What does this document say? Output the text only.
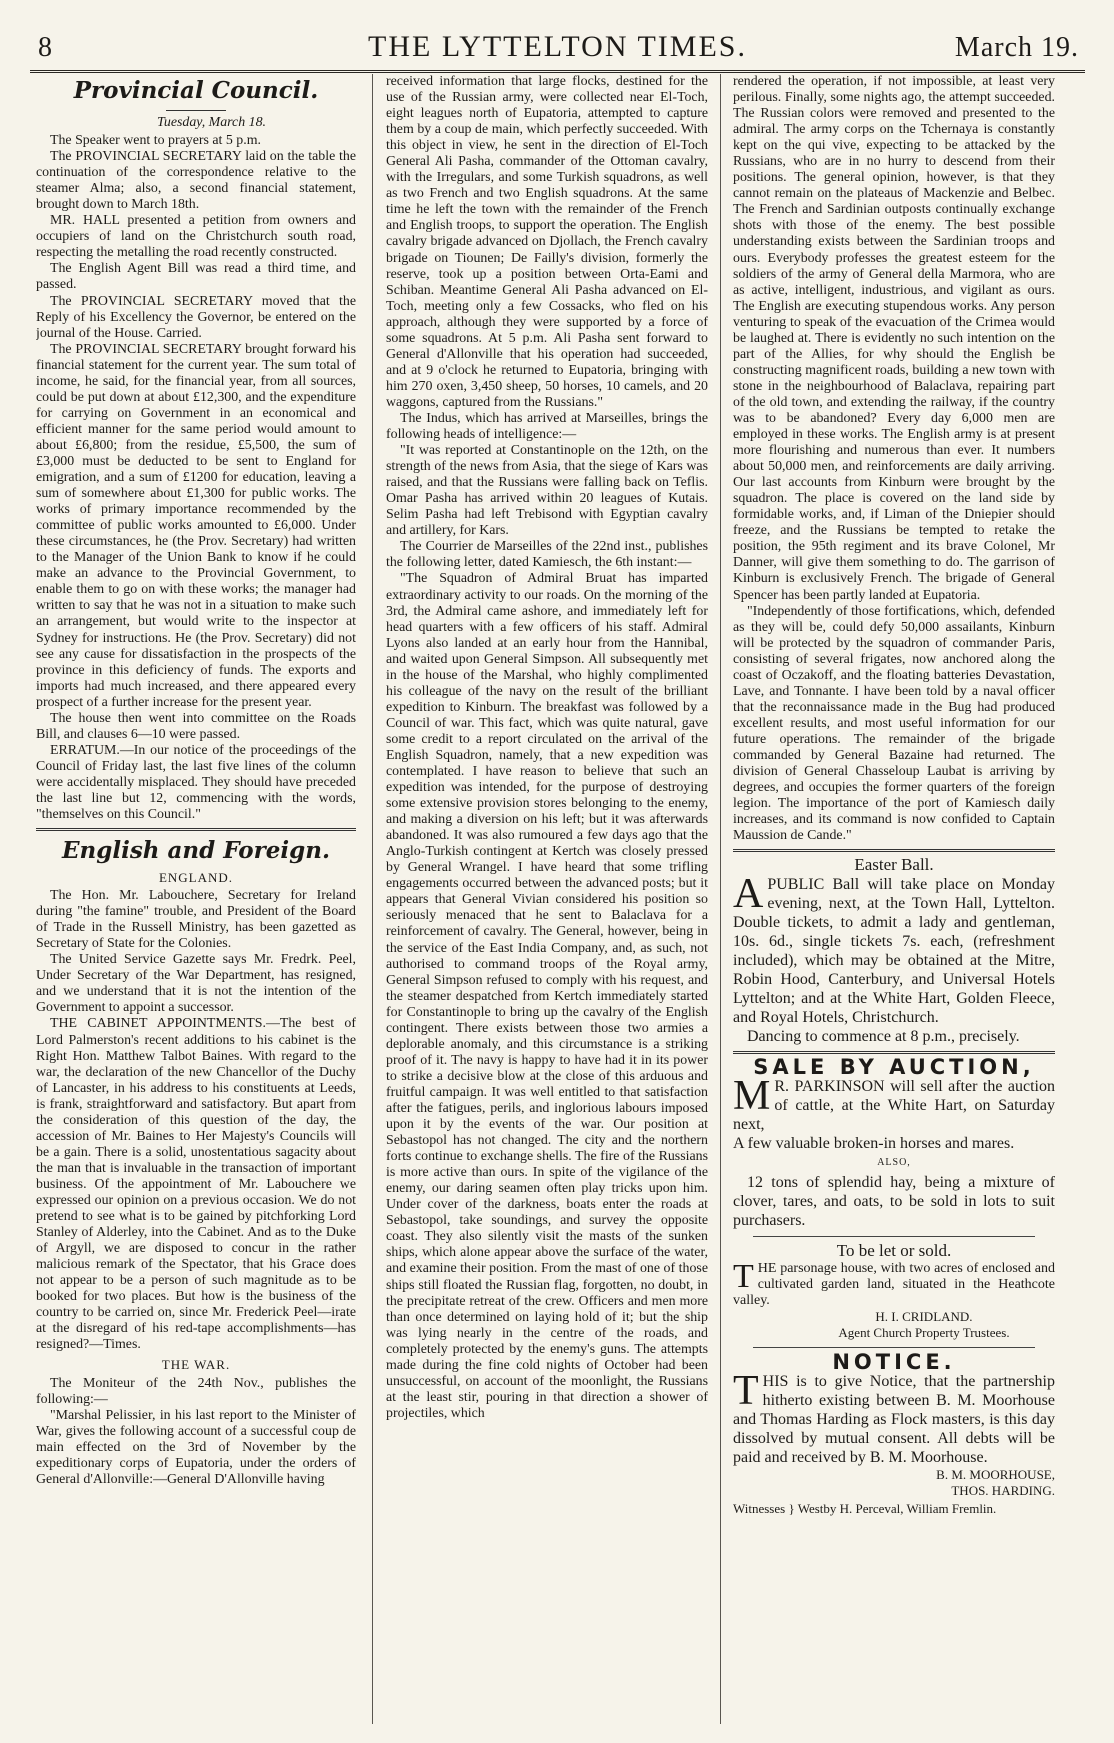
8	THE LYTTELTON TIMES.	March 19.
Provincial Council.
Tuesday, March 18.

The Speaker went to prayers at 5 p.m.

The PROVINCIAL SECRETARY laid on the table the continuation of the correspondence relative to the steamer Alma; also, a second financial statement, brought down to March 18th.

MR. HALL presented a petition from owners and occupiers of land on the Christchurch south road, respecting the metalling the road recently constructed.

The English Agent Bill was read a third time, and passed.

The PROVINCIAL SECRETARY moved that the Reply of his Excellency the Governor, be entered on the journal of the House. Carried.

The PROVINCIAL SECRETARY brought forward his financial statement for the current year. The sum total of income, he said, for the financial year, from all sources, could be put down at about £12,300, and the expenditure for carrying on Government in an economical and efficient manner for the same period would amount to about £6,800; from the residue, £5,500, the sum of £3,000 must be deducted to be sent to England for emigration, and a sum of £1200 for education, leaving a sum of somewhere about £1,300 for public works. The works of primary importance recommended by the committee of public works amounted to £6,000. Under these circumstances, he (the Prov. Secretary) had written to the Manager of the Union Bank to know if he could make an advance to the Provincial Government, to enable them to go on with these works; the manager had written to say that he was not in a situation to make such an arrangement, but would write to the inspector at Sydney for instructions. He (the Prov. Secretary) did not see any cause for dissatisfaction in the prospects of the province in this deficiency of funds. The exports and imports had much increased, and there appeared every prospect of a further increase for the present year.

The house then went into committee on the Roads Bill, and clauses 6—10 were passed.

ERRATUM.—In our notice of the proceedings of the Council of Friday last, the last five lines of the column were accidentally misplaced. They should have preceded the last line but 12, commencing with the words, "themselves on this Council."

English and Foreign.
ENGLAND.

The Hon. Mr. Labouchere, Secretary for Ireland during "the famine" trouble, and President of the Board of Trade in the Russell Ministry, has been gazetted as Secretary of State for the Colonies.

The United Service Gazette says Mr. Fredrk. Peel, Under Secretary of the War Department, has resigned, and we understand that it is not the intention of the Government to appoint a successor.

THE CABINET APPOINTMENTS.—The best of Lord Palmerston's recent additions to his cabinet is the Right Hon. Matthew Talbot Baines. With regard to the war, the declaration of the new Chancellor of the Duchy of Lancaster, in his address to his constituents at Leeds, is frank, straightforward and satisfactory. But apart from the consideration of this question of the day, the accession of Mr. Baines to Her Majesty's Councils will be a gain. There is a solid, unostentatious sagacity about the man that is invaluable in the transaction of important business. Of the appointment of Mr. Labouchere we expressed our opinion on a previous occasion. We do not pretend to see what is to be gained by pitchforking Lord Stanley of Alderley, into the Cabinet. And as to the Duke of Argyll, we are disposed to concur in the rather malicious remark of the Spectator, that his Grace does not appear to be a person of such magnitude as to be booked for two places. But how is the business of the country to be carried on, since Mr. Frederick Peel—irate at the disregard of his red-tape accomplishments—has resigned?—Times.

THE WAR.

The Moniteur of the 24th Nov., publishes the following:—

"Marshal Pelissier, in his last report to the Minister of War, gives the following account of a successful coup de main effected on the 3rd of November by the expeditionary corps of Eupatoria, under the orders of General d'Allonville:—General D'Allonville having

received information that large flocks, destined for the use of the Russian army, were collected near El-Toch, eight leagues north of Eupatoria, attempted to capture them by a coup de main, which perfectly succeeded. With this object in view, he sent in the direction of El-Toch General Ali Pasha, commander of the Ottoman cavalry, with the Irregulars, and some Turkish squadrons, as well as two French and two English squadrons. At the same time he left the town with the remainder of the French and English troops, to support the operation. The English cavalry brigade advanced on Djollach, the French cavalry brigade on Tiounen; De Failly's division, formerly the reserve, took up a position between Orta-Eami and Schiban. Meantime General Ali Pasha advanced on El-Toch, meeting only a few Cossacks, who fled on his approach, although they were supported by a force of some squadrons. At 5 p.m. Ali Pasha sent forward to General d'Allonville that his operation had succeeded, and at 9 o'clock he returned to Eupatoria, bringing with him 270 oxen, 3,450 sheep, 50 horses, 10 camels, and 20 waggons, captured from the Russians."

The Indus, which has arrived at Marseilles, brings the following heads of intelligence:—

"It was reported at Constantinople on the 12th, on the strength of the news from Asia, that the siege of Kars was raised, and that the Russians were falling back on Teflis. Omar Pasha has arrived within 20 leagues of Kutais. Selim Pasha had left Trebisond with Egyptian cavalry and artillery, for Kars.

The Courrier de Marseilles of the 22nd inst., publishes the following letter, dated Kamiesch, the 6th instant:—

"The Squadron of Admiral Bruat has imparted extraordinary activity to our roads. On the morning of the 3rd, the Admiral came ashore, and immediately left for head quarters with a few officers of his staff. Admiral Lyons also landed at an early hour from the Hannibal, and waited upon General Simpson. All subsequently met in the house of the Marshal, who highly complimented his colleague of the navy on the result of the brilliant expedition to Kinburn. The breakfast was followed by a Council of war. This fact, which was quite natural, gave some credit to a report circulated on the arrival of the English Squadron, namely, that a new expedition was contemplated. I have reason to believe that such an expedition was intended, for the purpose of destroying some extensive provision stores belonging to the enemy, and making a diversion on his left; but it was afterwards abandoned. It was also rumoured a few days ago that the Anglo-Turkish contingent at Kertch was closely pressed by General Wrangel. I have heard that some trifling engagements occurred between the advanced posts; but it appears that General Vivian considered his position so seriously menaced that he sent to Balaclava for a reinforcement of cavalry. The General, however, being in the service of the East India Company, and, as such, not authorised to command troops of the Royal army, General Simpson refused to comply with his request, and the steamer despatched from Kertch immediately started for Constantinople to bring up the cavalry of the English contingent. There exists between those two armies a deplorable anomaly, and this circumstance is a striking proof of it. The navy is happy to have had it in its power to strike a decisive blow at the close of this arduous and fruitful campaign. It was well entitled to that satisfaction after the fatigues, perils, and inglorious labours imposed upon it by the events of the war. Our position at Sebastopol has not changed. The city and the northern forts continue to exchange shells. The fire of the Russians is more active than ours. In spite of the vigilance of the enemy, our daring seamen often play tricks upon him. Under cover of the darkness, boats enter the roads at Sebastopol, take soundings, and survey the opposite coast. They also silently visit the masts of the sunken ships, which alone appear above the surface of the water, and examine their position. From the mast of one of those ships still floated the Russian flag, forgotten, no doubt, in the precipitate retreat of the crew. Officers and men more than once determined on laying hold of it; but the ship was lying nearly in the centre of the roads, and completely protected by the enemy's guns. The attempts made during the fine cold nights of October had been unsuccessful, on account of the moonlight, the Russians at the least stir, pouring in that direction a shower of projectiles, which

rendered the operation, if not impossible, at least very perilous. Finally, some nights ago, the attempt succeeded. The Russian colors were removed and presented to the admiral. The army corps on the Tchernaya is constantly kept on the qui vive, expecting to be attacked by the Russians, who are in no hurry to descend from their positions. The general opinion, however, is that they cannot remain on the plateaus of Mackenzie and Belbec. The French and Sardinian outposts continually exchange shots with those of the enemy. The best possible understanding exists between the Sardinian troops and ours. Everybody professes the greatest esteem for the soldiers of the army of General della Marmora, who are as active, intelligent, industrious, and vigilant as ours. The English are executing stupendous works. Any person venturing to speak of the evacuation of the Crimea would be laughed at. There is evidently no such intention on the part of the Allies, for why should the English be constructing magnificent roads, building a new town with stone in the neighbourhood of Balaclava, repairing part of the old town, and extending the railway, if the country was to be abandoned? Every day 6,000 men are employed in these works. The English army is at present more flourishing and numerous than ever. It numbers about 50,000 men, and reinforcements are daily arriving. Our last accounts from Kinburn were brought by the squadron. The place is covered on the land side by formidable works, and, if Liman of the Dniepier should freeze, and the Russians be tempted to retake the position, the 95th regiment and its brave Colonel, Mr Danner, will give them something to do. The garrison of Kinburn is exclusively French. The brigade of General Spencer has been partly landed at Eupatoria.

"Independently of those fortifications, which, defended as they will be, could defy 50,000 assailants, Kinburn will be protected by the squadron of commander Paris, consisting of several frigates, now anchored along the coast of Oczakoff, and the floating batteries Devastation, Lave, and Tonnante. I have been told by a naval officer that the reconnaissance made in the Bug had produced excellent results, and most useful information for our future operations. The remainder of the brigade commanded by General Bazaine had returned. The division of General Chasseloup Laubat is arriving by degrees, and occupies the former quarters of the foreign legion. The importance of the port of Kamiesch daily increases, and its command is now confided to Captain Maussion de Cande."

Easter Ball.
APUBLIC Ball will take place on Monday evening, next, at the Town Hall, Lyttelton. Double tickets, to admit a lady and gentleman, 10s. 6d., single tickets 7s. each, (refreshment included), which may be obtained at the Mitre, Robin Hood, Canterbury, and Universal Hotels Lyttelton; and at the White Hart, Golden Fleece, and Royal Hotels, Christchurch.
Dancing to commence at 8 p.m., precisely.
SALE BY AUCTION,
M R. PARKINSON will sell after the auction of cattle, at the White Hart, on Saturday next,
A few valuable broken-in horses and mares.
ALSO,
12 tons of splendid hay, being a mixture of clover, tares, and oats, to be sold in lots to suit purchasers.
To be let or sold.
THE parsonage house, with two acres of enclosed and cultivated garden land, situated in the Heathcote valley.
H. I. CRIDLAND.
Agent Church Property Trustees.
NOTICE.
THIS is to give Notice, that the partnership hitherto existing between B. M. Moorhouse and Thomas Harding as Flock masters, is this day dissolved by mutual consent. All debts will be paid and received by B. M. Moorhouse.
B. M. MOORHOUSE,
THOS. HARDING.
Witnesses } Westby H. Perceval, William Fremlin.
